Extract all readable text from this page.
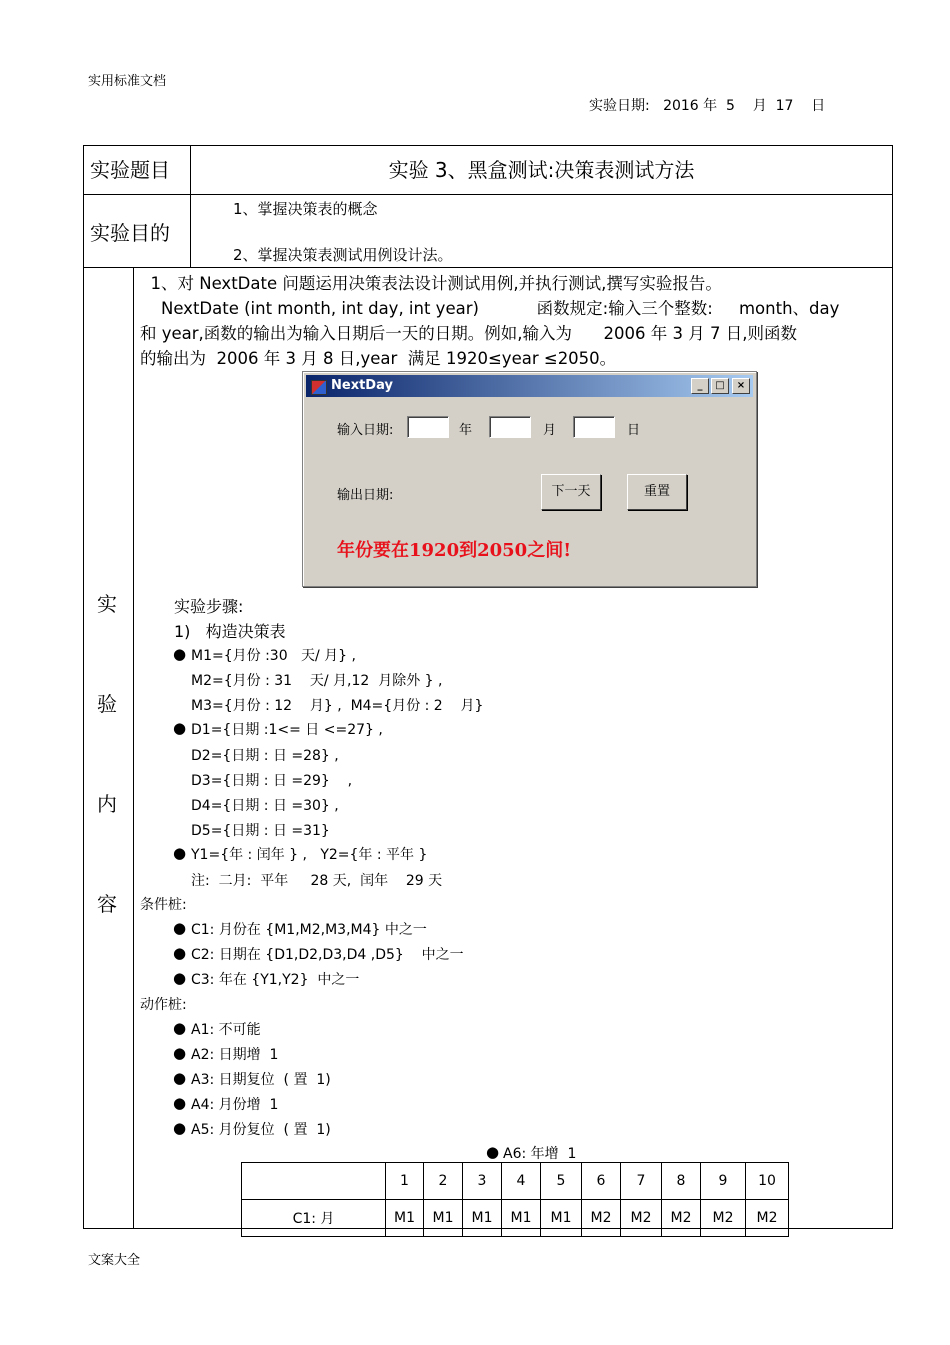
实用标准文档
实验日期:   2016 年  5    月  17    日
实验题目	实验 3、黑盒测试:决策表测试方法
实验目的
1、掌握决策表的概念
2、掌握决策表测试用例设计法。
实
验
内
容
1、对 NextDate 问题运用决策表法设计测试用例,并执行测试,撰写实验报告。
NextDate (int month, int day, int year)           函数规定:输入三个整数:     month、day
和 year,函数的输出为输入日期后一天的日期。例如,输入为      2006 年 3 月 7 日,则函数
的输出为  2006 年 3 月 8 日,year  满足 1920≤year ≤2050。
NextDay	_	□	×
输入日期:	年	月	日
输出日期:	下一天	重置
年份要在1920到2050之间!
实验步骤:
1)   构造决策表
● M1={月份 :30   天/ 月} ,
M2={月份 : 31    天/ 月,12  月除外 } ,
M3={月份 : 12    月} ,  M4={月份 : 2    月}
● D1={日期 :1<= 日 <=27} ,
D2={日期 : 日 =28} ,
D3={日期 : 日 =29}    ,
D4={日期 : 日 =30} ,
D5={日期 : 日 =31}
● Y1={年 : 闰年 } ,   Y2={年 : 平年 }
注:  二月:  平年     28 天,  闰年    29 天
条件桩:
● C1: 月份在 {M1,M2,M3,M4} 中之一
● C2: 日期在 {D1,D2,D3,D4 ,D5}    中之一
● C3: 年在 {Y1,Y2}  中之一
动作桩:
● A1: 不可能
● A2: 日期增  1
● A3: 日期复位  ( 置  1)
● A4: 月份增  1
● A5: 月份复位  ( 置  1)
● A6: 年增  1
	1	2	3	4	5	6	7	8	9	10
C1: 月	M1	M1	M1	M1	M1	M2	M2	M2	M2	M2
文案大全
